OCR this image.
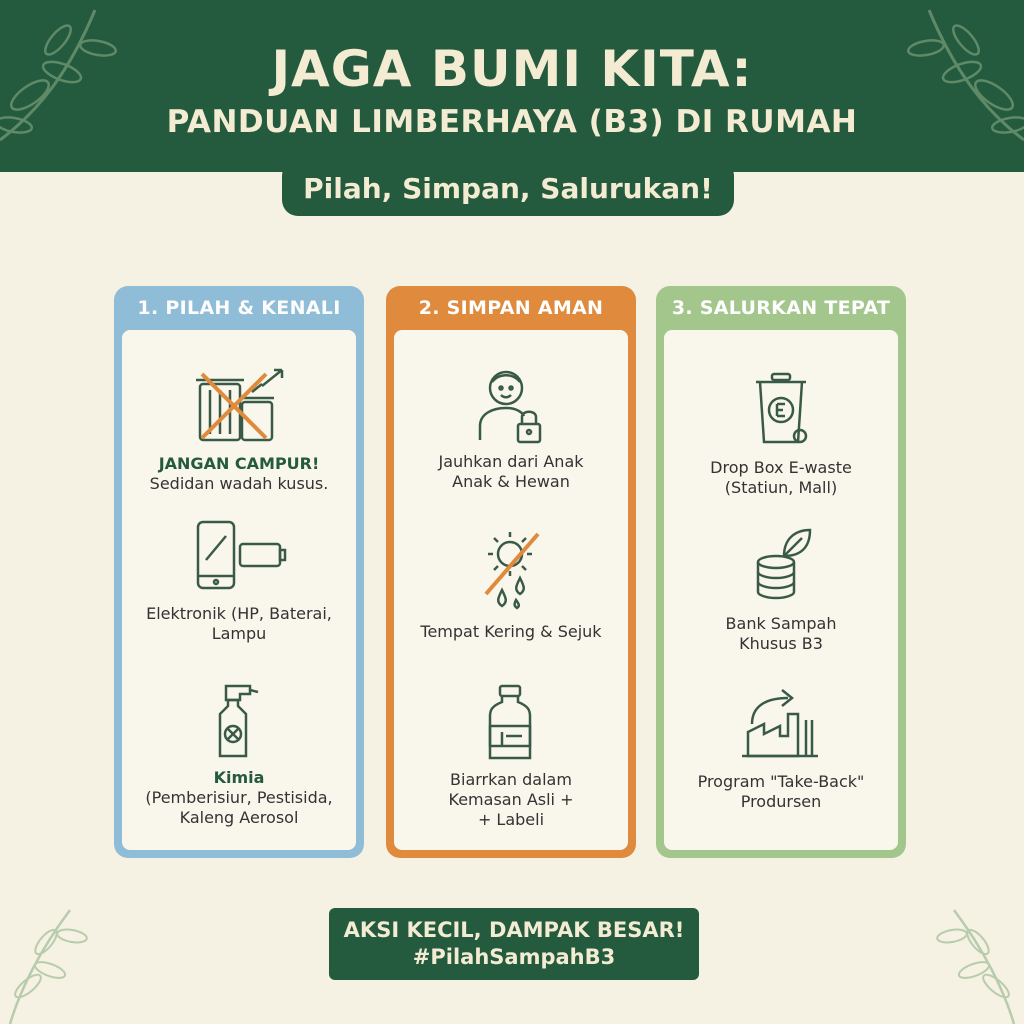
JAGA BUMI KITA:
PANDUAN LIMBERHAYA (B3) DI RUMAH
Pilah, Simpan, Salurukan!
1. PILAH & KENALI
JANGAN CAMPUR!
Sedidan wadah kusus.
Elektronik (HP, Baterai,
Lampu
Kimia
(Pemberisiur, Pestisida,
Kaleng Aerosol
2. SIMPAN AMAN
Jauhkan dari Anak
Anak & Hewan
Tempat Kering & Sejuk
Biarrkan dalam
Kemasan Asli +
+ Labeli
3. SALURKAN TEPAT
Drop Box E-waste
(Statiun, Mall)
Bank Sampah
Khusus B3
Program "Take-Back"
Prodursen
AKSI KECIL, DAMPAK BESAR!
#PilahSampahB3
